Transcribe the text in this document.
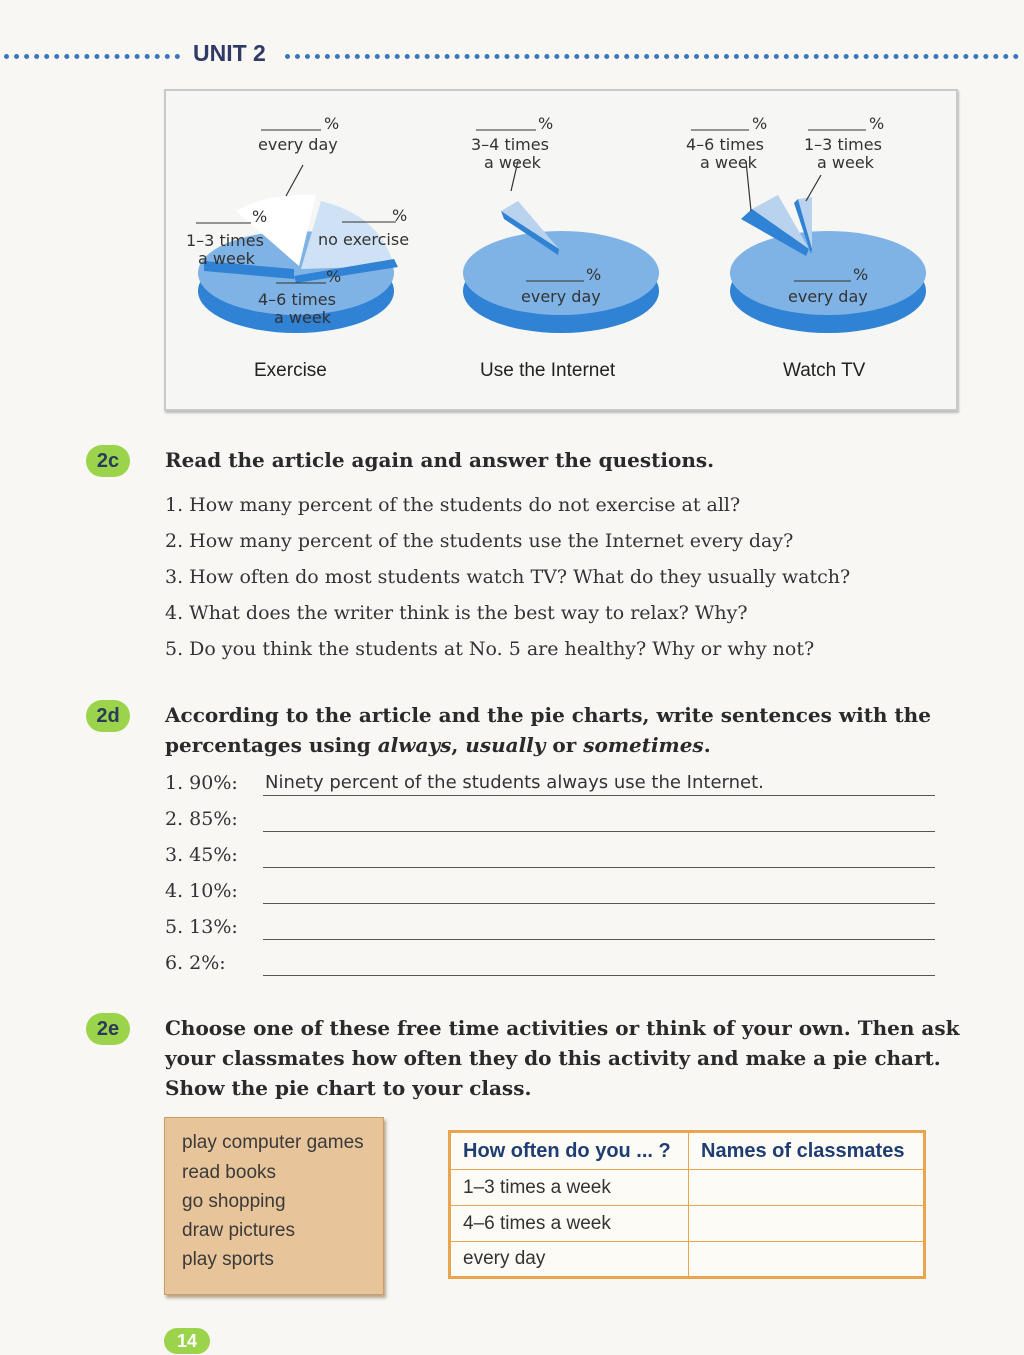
UNIT 2
%
every day
%
no exercise
%
1–3 times
a week
%
4–6 times
a week
%
3–4 times
a week
%
every day
%
4–6 times
a week
%
1–3 times
a week
%
every day
Exercise	Use the Internet	Watch TV
2c	Read the article again and answer the questions.
1. How many percent of the students do not exercise at all?
2. How many percent of the students use the Internet every day?
3. How often do most students watch TV? What do they usually watch?
4. What does the writer think is the best way to relax? Why?
5. Do you think the students at No. 5 are healthy? Why or why not?
2d	According to the article and the pie charts, write sentences with the
percentages using always, usually or sometimes.
1. 90%: Ninety percent of the students always use the Internet.
2. 85%:
3. 45%:
4. 10%:
5. 13%:
6. 2%:
2e	Choose one of these free time activities or think of your own. Then ask
your classmates how often they do this activity and make a pie chart.
Show the pie chart to your class.
play computer games
read books
go shopping
draw pictures
play sports
How often do you ... ?	Names of classmates
1–3 times a week	
4–6 times a week	
every day	
14
